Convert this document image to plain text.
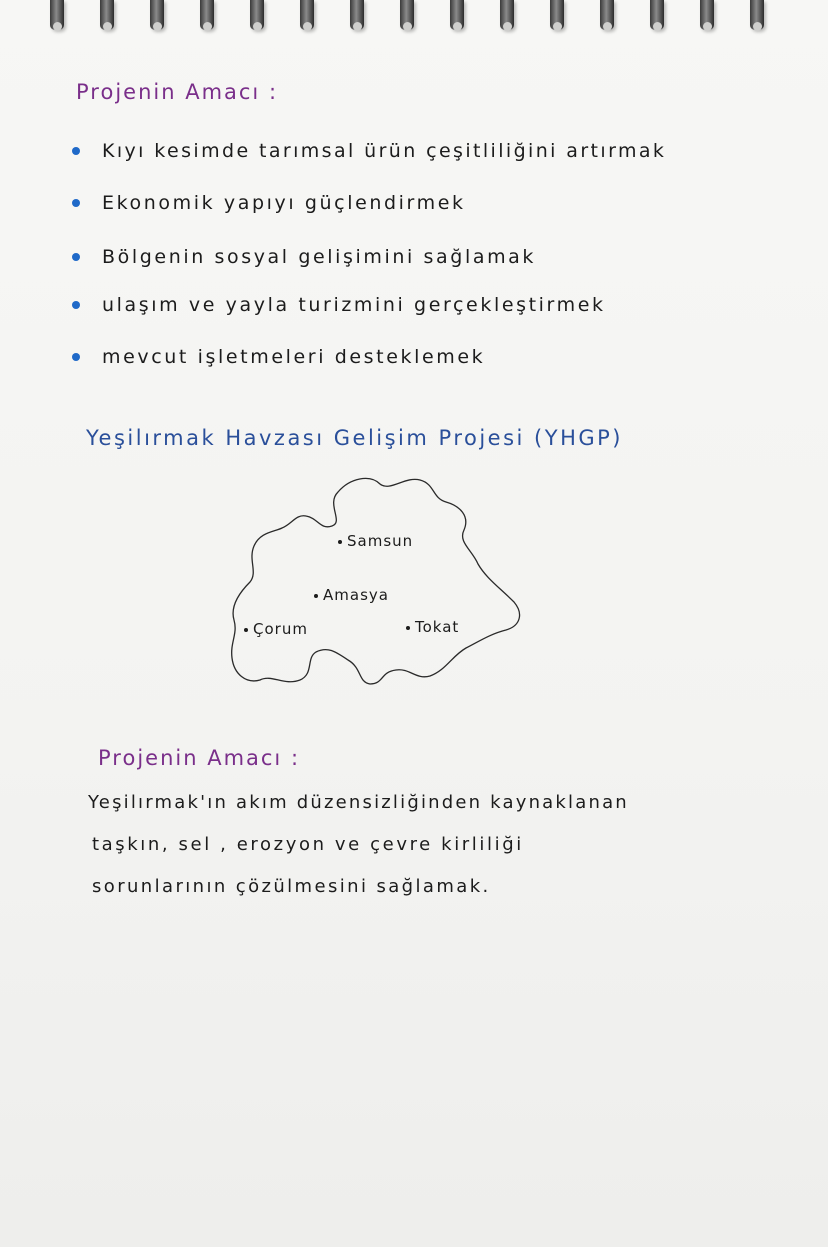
Projenin Amacı :
Kıyı kesimde tarımsal ürün çeşitliliğini artırmak
Ekonomik yapıyı güçlendirmek
Bölgenin sosyal gelişimini sağlamak
ulaşım ve yayla turizmini gerçekleştirmek
mevcut işletmeleri desteklemek
Yeşilırmak Havzası Gelişim Projesi (YHGP)
Samsun
Amasya
Çorum	Tokat
Projenin Amacı :
Yeşilırmak'ın akım düzensizliğinden kaynaklanan
taşkın, sel , erozyon ve çevre kirliliği
sorunlarının çözülmesini sağlamak.
